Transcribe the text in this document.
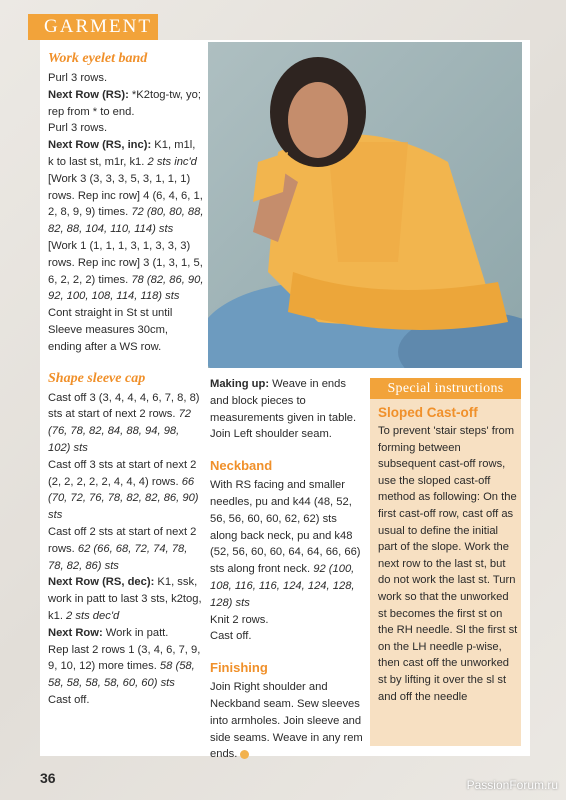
GARMENT
Work eyelet band

Purl 3 rows.

Next Row (RS): *K2tog-tw, yo; rep from * to end.

Purl 3 rows.

Next Row (RS, inc): K1, m1l, k to last st, m1r, k1. 2 sts inc'd

[Work 3 (3, 3, 3, 5, 3, 1, 1, 1) rows. Rep inc row] 4 (6, 4, 6, 1, 2, 8, 9, 9) times. 72 (80, 80, 88, 82, 88, 104, 110, 114) sts

[Work 1 (1, 1, 1, 3, 1, 3, 3, 3) rows. Rep inc row] 3 (1, 3, 1, 5, 6, 2, 2, 2) times. 78 (82, 86, 90, 92, 100, 108, 114, 118) sts

Cont straight in St st until Sleeve measures 30cm, ending after a WS row.

Shape sleeve cap

Cast off 3 (3, 4, 4, 4, 6, 7, 8, 8) sts at start of next 2 rows. 72 (76, 78, 82, 84, 88, 94, 98, 102) sts

Cast off 3 sts at start of next 2 (2, 2, 2, 2, 2, 4, 4, 4) rows. 66 (70, 72, 76, 78, 82, 82, 86, 90) sts

Cast off 2 sts at start of next 2 rows. 62 (66, 68, 72, 74, 78, 78, 82, 86) sts

Next Row (RS, dec): K1, ssk, work in patt to last 3 sts, k2tog, k1. 2 sts dec'd

Next Row: Work in patt.

Rep last 2 rows 1 (3, 4, 6, 7, 9, 9, 10, 12) more times. 58 (58, 58, 58, 58, 58, 60, 60) sts

Cast off.

Making up: Weave in ends and block pieces to measurements given in table. Join Left shoulder seam.

Neckband

With RS facing and smaller needles, pu and k44 (48, 52, 56, 56, 60, 60, 62, 62) sts along back neck, pu and k48 (52, 56, 60, 60, 64, 64, 66, 66) sts along front neck. 92 (100, 108, 116, 116, 124, 124, 128, 128) sts

Knit 2 rows.

Cast off.

Finishing

Join Right shoulder and Neckband seam. Sew sleeves into armholes. Join sleeve and side seams. Weave in any rem ends.

Special instructions
Sloped Cast-off

To prevent 'stair steps' from forming between subsequent cast-off rows, use the sloped cast-off method as following: On the first cast-off row, cast off as usual to define the initial part of the slope. Work the next row to the last st, but do not work the last st. Turn work so that the unworked st becomes the first st on the RH needle. Sl the first st on the LH needle p-wise, then cast off the unworked st by lifting it over the sl st and off the needle

36	PassionForum.ru
